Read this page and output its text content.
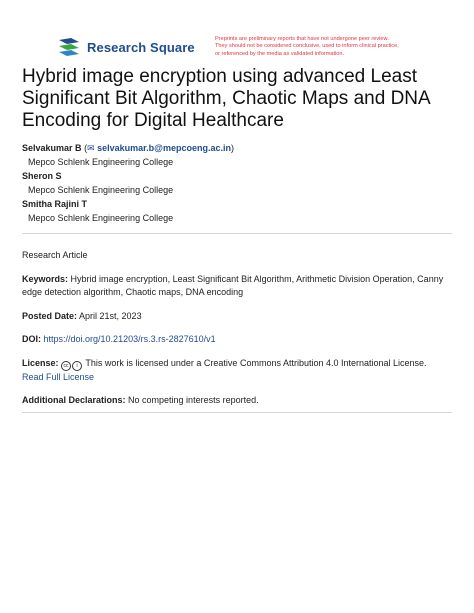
Research Square
Preprints are preliminary reports that have not undergone peer review.
They should not be considered conclusive, used to inform clinical practice,
or referenced by the media as validated information.
Hybrid image encryption using advanced Least
Significant Bit Algorithm, Chaotic Maps and DNA
Encoding for Digital Healthcare
Selvakumar B (✉ selvakumar.b@mepcoeng.ac.in)
Mepco Schlenk Engineering College
Sheron S
Mepco Schlenk Engineering College
Smitha Rajini T
Mepco Schlenk Engineering College
Research Article
Keywords: Hybrid image encryption, Least Significant Bit Algorithm, Arithmetic Division Operation, Canny edge detection algorithm, Chaotic maps, DNA encoding
Posted Date: April 21st, 2023
DOI: https://doi.org/10.21203/rs.3.rs-2827610/v1
License: cc i This work is licensed under a Creative Commons Attribution 4.0 International License.
Read Full License
Additional Declarations: No competing interests reported.
